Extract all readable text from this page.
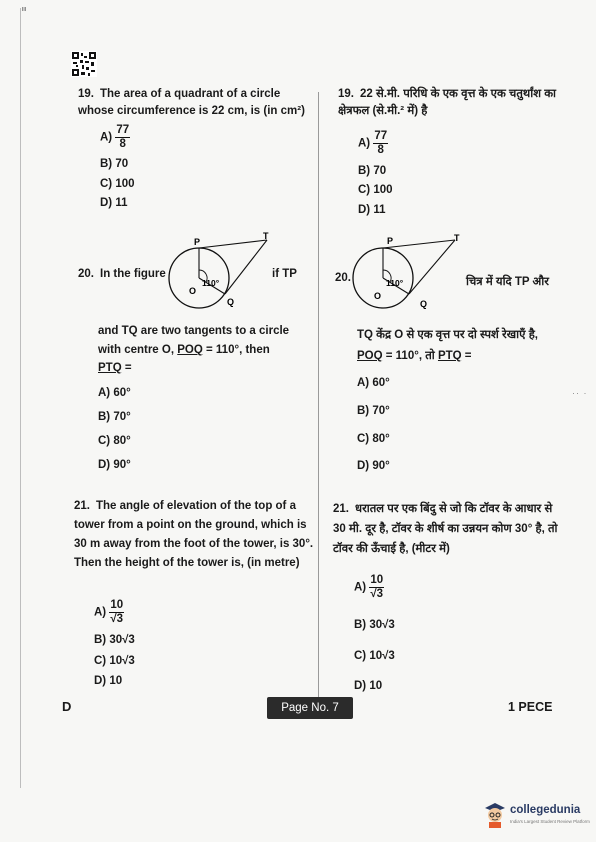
ᴵᴵᴵ
·· ·
19. The area of a quadrant of a circle whose circumference is 22 cm, is (in cm²)
$A) \frac{77}{8}$
B) 70
C) 100
D) 11
19. 22 से.मी. परिधि के एक वृत्त के एक चतुर्थांश का क्षेत्रफल (से.मी.² में) है
$A) \frac{77}{8}$
B) 70
C) 100
D) 11
20. In the figure	if TP
P
T
O
Q
110°
and TQ are two tangents to a circle
with centre O, POQ = 110°, then
PTQ =
A) 60°
B) 70°
C) 80°
D) 90°
20.
P	T
O
Q
110°	चित्र में यदि TP और
TQ केंद्र O से एक वृत्त पर दो स्पर्श रेखाएँ है,
POQ = 110°, तो PTQ =
A) 60°
B) 70°
C) 80°
D) 90°
21. The angle of elevation of the top of a tower from a point on the ground, which is 30 m away from the foot of the tower, is 30°. Then the height of the tower is, (in metre)
$A) \frac{10}{√3}$
B) 30√3
C) 10√3
D) 10
21. धरातल पर एक बिंदु से जो कि टॉवर के आधार से 30 मी. दूर है, टॉवर के शीर्ष का उन्नयन कोण 30° है, तो टॉवर की ऊँचाई है, (मीटर में)
$A) \frac{10}{√3}$
B) 30√3
C) 10√3
D) 10
D	Page No. 7	1 PECE
collegedunia
India's Largest Student Review Platform
